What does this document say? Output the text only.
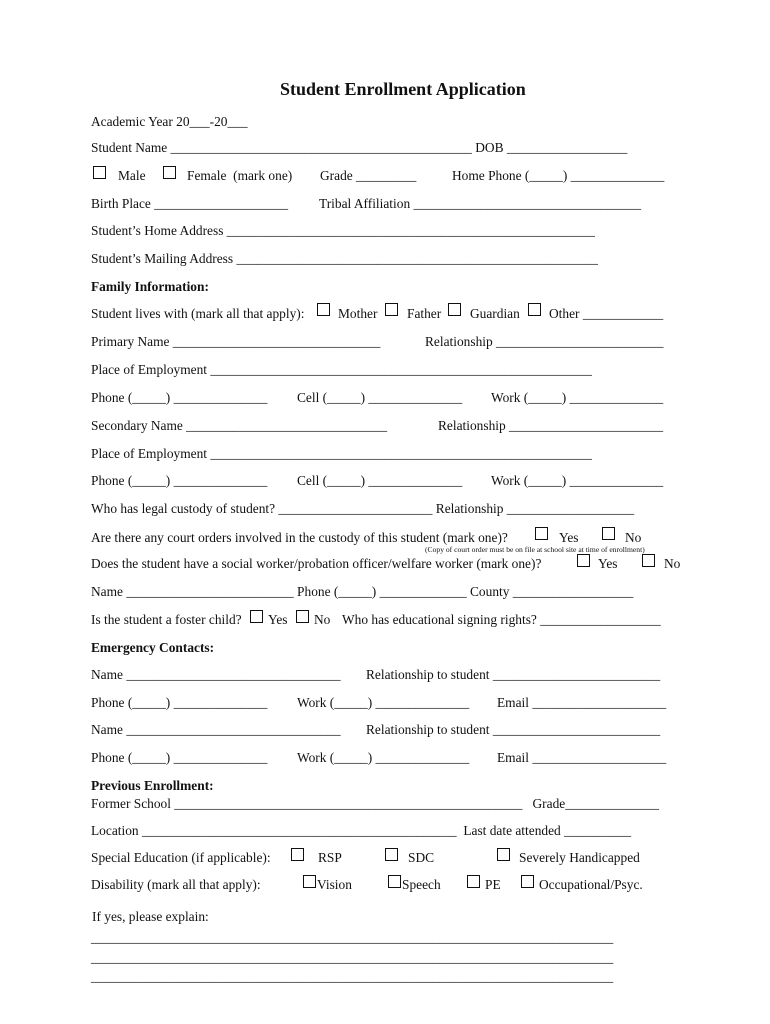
Student Enrollment Application
Academic Year 20___-20___
Student Name _____________________________________________ DOB __________________
Male	Female  (mark one) Grade _________	Home Phone (_____) ______________
Birth Place ____________________ Tribal Affiliation __________________________________
Student’s Home Address _______________________________________________________
Student’s Mailing Address ______________________________________________________
Family Information:
Student lives with (mark all that apply):	Mother Father Guardian Other ____________
Primary Name _______________________________	Relationship _________________________
Place of Employment _________________________________________________________
Phone (_____) ______________ Cell (_____) ______________ Work (_____) ______________
Secondary Name ______________________________	Relationship _______________________
Place of Employment _________________________________________________________
Phone (_____) ______________ Cell (_____) ______________ Work (_____) ______________
Who has legal custody of student? _______________________ Relationship ___________________
Are there any court orders involved in the custody of this student (mark one)?	Yes	No
(Copy of court order must be on file at school site at time of enrollment)
Does the student have a social worker/probation officer/welfare worker (mark one)?	Yes	No
Name _________________________ Phone (_____) _____________ County __________________
Is the student a foster child? Yes No Who has educational signing rights? __________________
Emergency Contacts:
Name ________________________________ Relationship to student _________________________
Phone (_____) ______________ Work (_____) ______________ Email ____________________
Name ________________________________ Relationship to student _________________________
Phone (_____) ______________ Work (_____) ______________ Email ____________________
Previous Enrollment:
Former School ____________________________________________________   Grade______________
Location _______________________________________________  Last date attended __________
Special Education (if applicable):	RSP	SDC	Severely Handicapped
Disability (mark all that apply):	Vision	Speech	PE	Occupational/Psyc.
If yes, please explain:
______________________________________________________________________________
______________________________________________________________________________
______________________________________________________________________________
